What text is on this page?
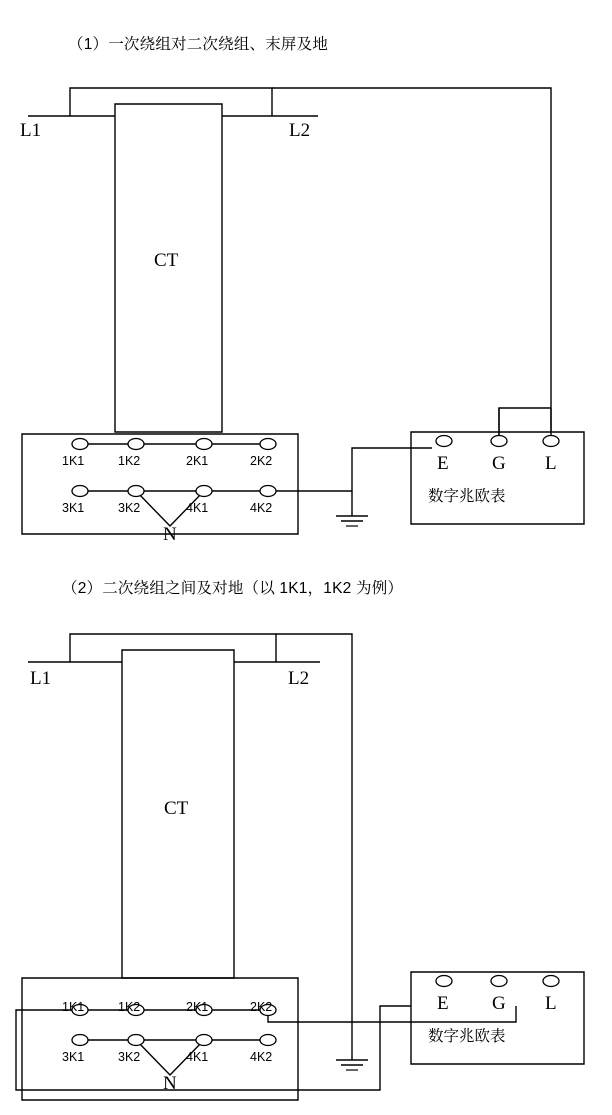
（1）一次绕组对二次绕组、末屏及地
L1	L2
CT
1K1	1K2	2K1	2K2
3K1	3K2	4K1	4K2
N
E G L
数字兆欧表
（2）二次绕组之间及对地（以 1K1，1K2 为例）
L1	L2
CT
1K1	1K2	2K1	2K2
3K1	3K2	4K1	4K2
N
E G L
数字兆欧表
